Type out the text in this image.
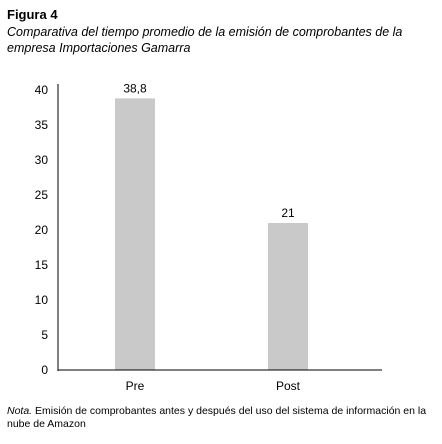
Figura 4
Comparativa del tiempo promedio de la emisión de comprobantes de la empresa Importaciones Gamarra
0
5
10
15
20
25
30
35
40	38,8
Pre
21
Post
Nota. Emisión de comprobantes antes y después del uso del sistema de información en la nube de Amazon
